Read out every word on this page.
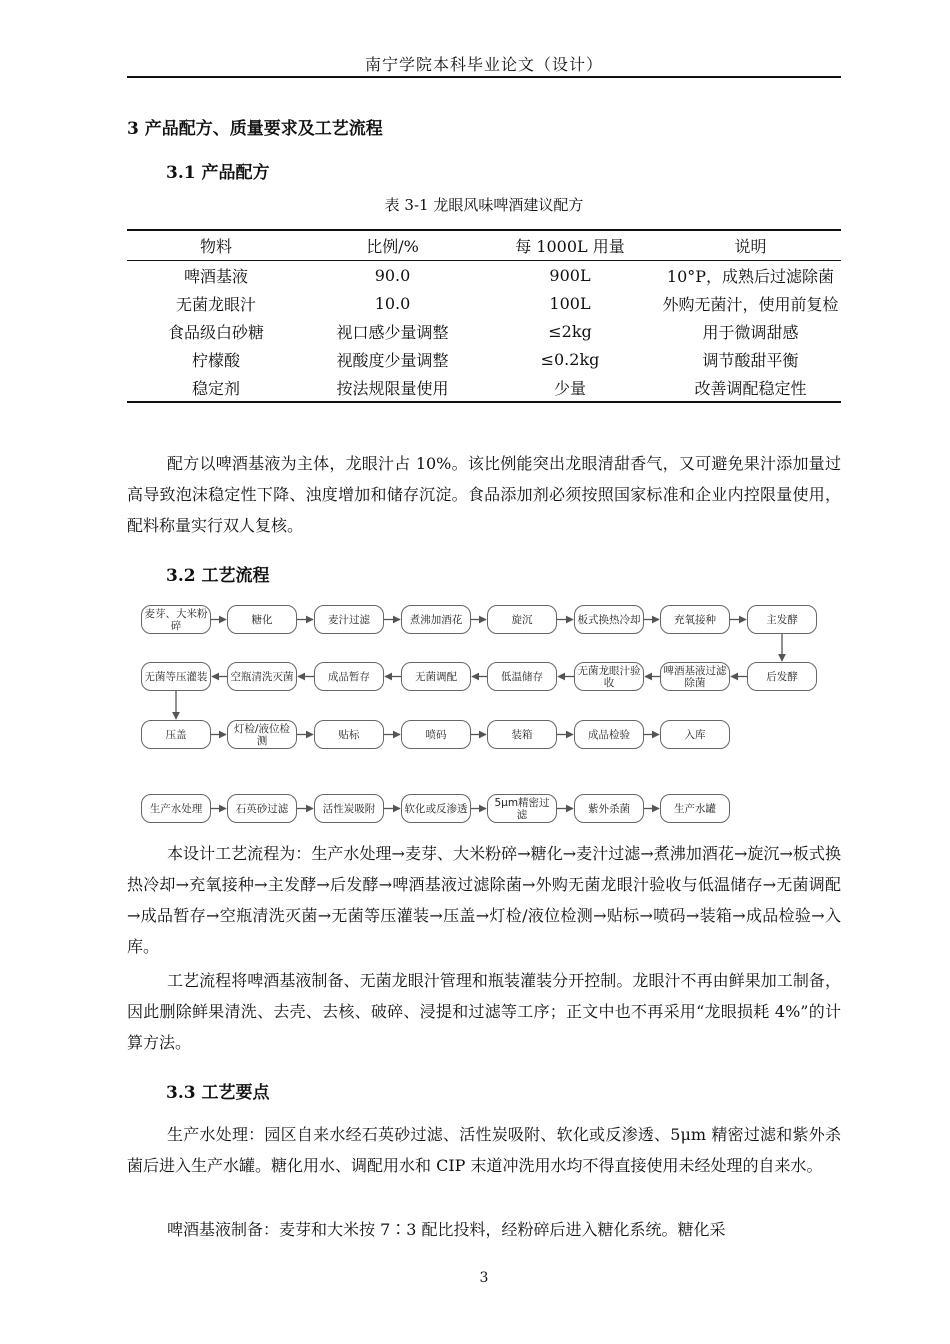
南宁学院本科毕业论文（设计）
3 产品配方、质量要求及工艺流程
3.1 产品配方
表 3-1 龙眼风味啤酒建议配方
物料	比例/%	每 1000L 用量	说明
啤酒基液	90.0	900L	10°P，成熟后过滤除菌
无菌龙眼汁	10.0	100L	外购无菌汁，使用前复检
食品级白砂糖	视口感少量调整	≤2kg	用于微调甜感
柠檬酸	视酸度少量调整	≤0.2kg	调节酸甜平衡
稳定剂	按法规限量使用	少量	改善调配稳定性

配方以啤酒基液为主体，龙眼汁占 10%。该比例能突出龙眼清甜香气，又可避免果汁添加量过高导致泡沫稳定性下降、浊度增加和储存沉淀。食品添加剂必须按照国家标准和企业内控限量使用，配料称量实行双人复核。

3.2 工艺流程
麦芽、大米粉碎	糖化	麦汁过滤	煮沸加酒花	旋沉	板式换热冷却	充氧接种	主发酵
无菌等压灌装	空瓶清洗灭菌	成品暂存	无菌调配	低温储存	无菌龙眼汁验收
啤酒基液过滤除菌	后发酵
压盖	灯检/液位检测	贴标	喷码	装箱	成品检验	入库
生产水处理	石英砂过滤	活性炭吸附	软化或反渗透	5μm精密过滤	紫外杀菌	生产水罐

本设计工艺流程为：生产水处理→麦芽、大米粉碎→糖化→麦汁过滤→煮沸加酒花→旋沉→板式换热冷却→充氧接种→主发酵→后发酵→啤酒基液过滤除菌→外购无菌龙眼汁验收与低温储存→无菌调配→成品暂存→空瓶清洗灭菌→无菌等压灌装→压盖→灯检/液位检测→贴标→喷码→装箱→成品检验→入库。

工艺流程将啤酒基液制备、无菌龙眼汁管理和瓶装灌装分开控制。龙眼汁不再由鲜果加工制备，因此删除鲜果清洗、去壳、去核、破碎、浸提和过滤等工序；正文中也不再采用“龙眼损耗 4%”的计算方法。

3.3 工艺要点

生产水处理：园区自来水经石英砂过滤、活性炭吸附、软化或反渗透、5μm 精密过滤和紫外杀菌后进入生产水罐。糖化用水、调配用水和 CIP 末道冲洗用水均不得直接使用未经处理的自来水。

啤酒基液制备：麦芽和大米按 7∶3 配比投料，经粉碎后进入糖化系统。糖化采

3
